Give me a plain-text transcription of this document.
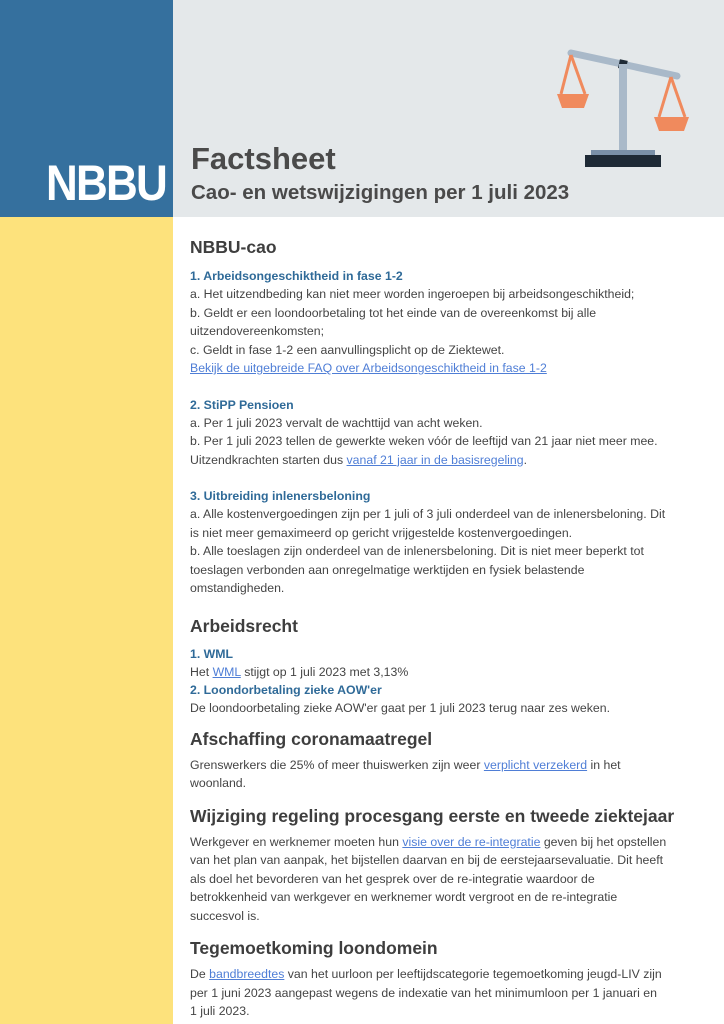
NBBU Factsheet
Cao- en wetswijzigingen per 1 juli 2023
NBBU-cao
1. Arbeidsongeschiktheid in fase 1-2
a. Het uitzendbeding kan niet meer worden ingeroepen bij arbeidsongeschiktheid;
b. Geldt er een loondoorbetaling tot het einde van de overeenkomst bij alle
uitzendovereenkomsten;
c. Geldt in fase 1-2 een aanvullingsplicht op de Ziektewet.
Bekijk de uitgebreide FAQ over Arbeidsongeschiktheid in fase 1-2
2. StiPP Pensioen
a. Per 1 juli 2023 vervalt de wachttijd van acht weken.
b. Per 1 juli 2023 tellen de gewerkte weken vóór de leeftijd van 21 jaar niet meer mee.
Uitzendkrachten starten dus vanaf 21 jaar in de basisregeling.
3. Uitbreiding inlenersbeloning
a. Alle kostenvergoedingen zijn per 1 juli of 3 juli onderdeel van de inlenersbeloning. Dit
is niet meer gemaximeerd op gericht vrijgestelde kostenvergoedingen.
b. Alle toeslagen zijn onderdeel van de inlenersbeloning. Dit is niet meer beperkt tot
toeslagen verbonden aan onregelmatige werktijden en fysiek belastende
omstandigheden.
Arbeidsrecht
1. WML
Het WML stijgt op 1 juli 2023 met 3,13%
2. Loondorbetaling zieke AOW'er
De loondoorbetaling zieke AOW'er gaat per 1 juli 2023 terug naar zes weken.
Afschaffing coronamaatregel
Grenswerkers die 25% of meer thuiswerken zijn weer verplicht verzekerd in het
woonland.
Wijziging regeling procesgang eerste en tweede ziektejaar
Werkgever en werknemer moeten hun visie over de re-integratie geven bij het opstellen
van het plan van aanpak, het bijstellen daarvan en bij de eerstejaarsevaluatie. Dit heeft
als doel het bevorderen van het gesprek over de re-integratie waardoor de
betrokkenheid van werkgever en werknemer wordt vergroot en de re-integratie
succesvol is.
Tegemoetkoming loondomein
De bandbreedtes van het uurloon per leeftijdscategorie tegemoetkoming jeugd-LIV zijn
per 1 juni 2023 aangepast wegens de indexatie van het minimumloon per 1 januari en
1 juli 2023.
